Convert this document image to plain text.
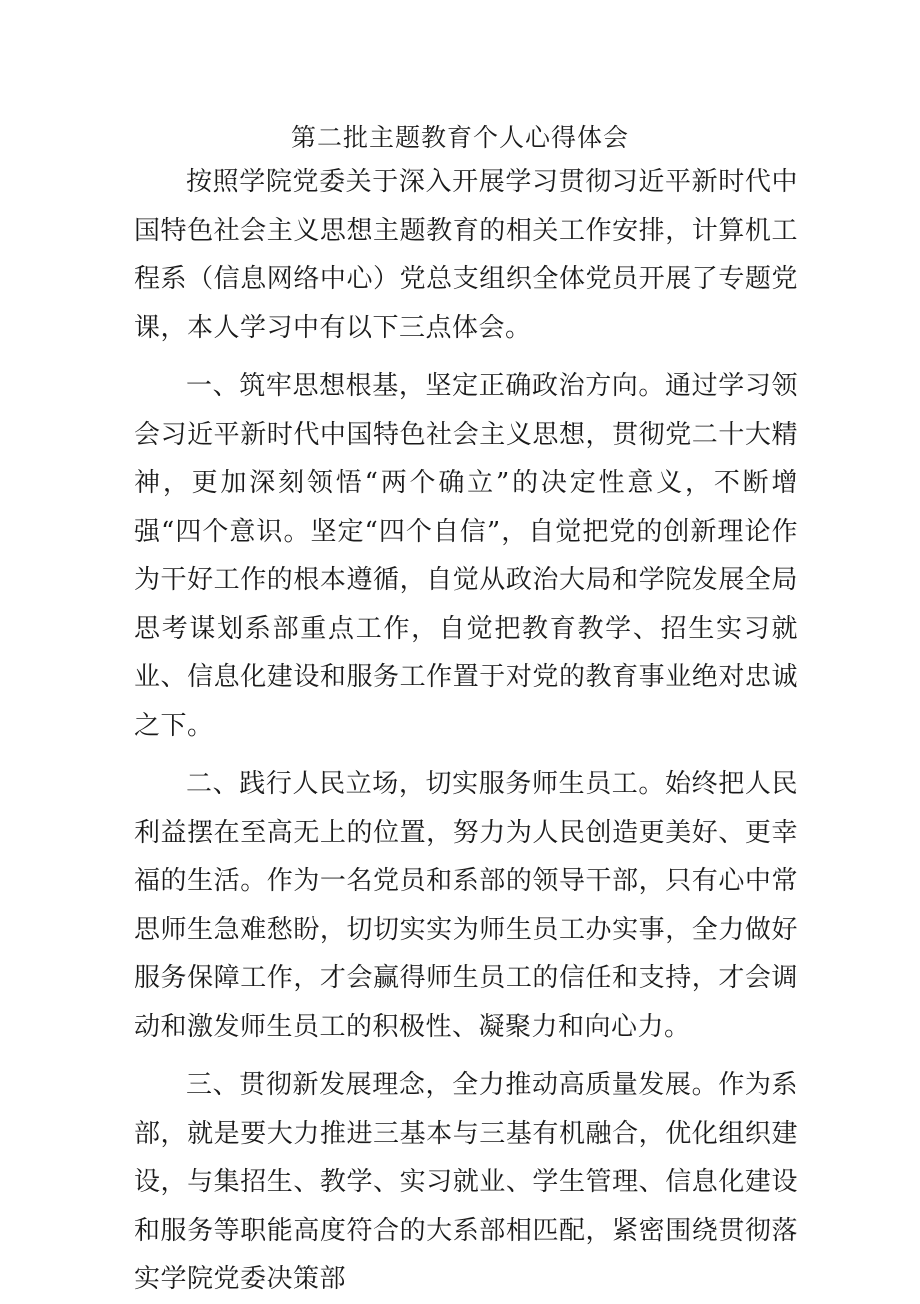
第二批主题教育个人心得体会

按照学院党委关于深入开展学习贯彻习近平新时代中国特色社会主义思想主题教育的相关工作安排，计算机工程系（信息网络中心）党总支组织全体党员开展了专题党课，本人学习中有以下三点体会。

一、筑牢思想根基，坚定正确政治方向。通过学习领会习近平新时代中国特色社会主义思想，贯彻党二十大精神，更加深刻领悟“两个确立”的决定性意义，不断增强“四个意识。坚定“四个自信”，自觉把党的创新理论作为干好工作的根本遵循，自觉从政治大局和学院发展全局思考谋划系部重点工作，自觉把教育教学、招生实习就业、信息化建设和服务工作置于对党的教育事业绝对忠诚之下。

二、践行人民立场，切实服务师生员工。始终把人民利益摆在至高无上的位置，努力为人民创造更美好、更幸福的生活。作为一名党员和系部的领导干部，只有心中常思师生急难愁盼，切切实实为师生员工办实事，全力做好服务保障工作，才会赢得师生员工的信任和支持，才会调动和激发师生员工的积极性、凝聚力和向心力。

三、贯彻新发展理念，全力推动高质量发展。作为系部，就是要大力推进三基本与三基有机融合，优化组织建设，与集招生、教学、实习就业、学生管理、信息化建设和服务等职能高度符合的大系部相匹配，紧密围绕贯彻落实学院党委决策部
